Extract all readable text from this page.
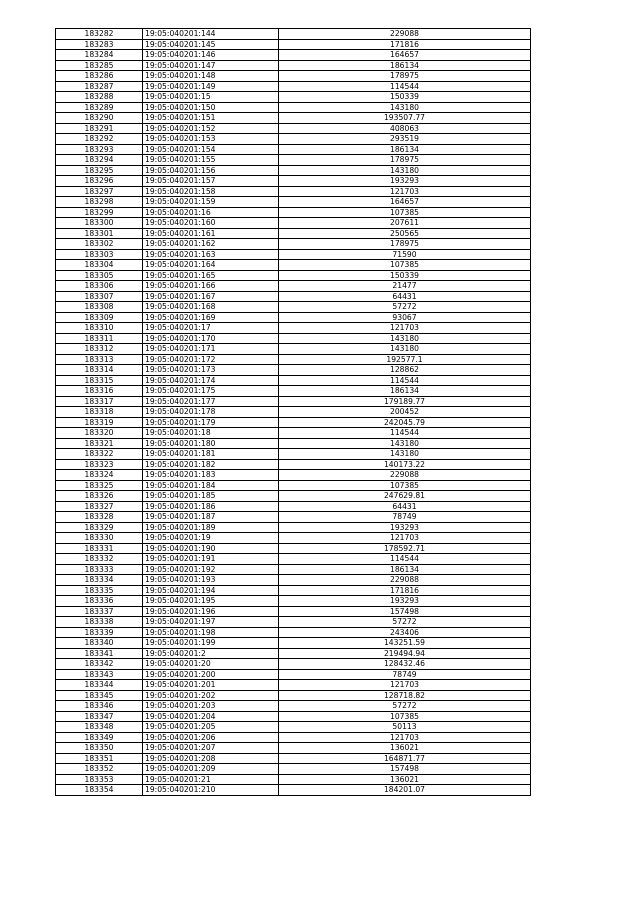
183282	19:05:040201:144	229088
183283	19:05:040201:145	171816
183284	19:05:040201:146	164657
183285	19:05:040201:147	186134
183286	19:05:040201:148	178975
183287	19:05:040201:149	114544
183288	19:05:040201:15	150339
183289	19:05:040201:150	143180
183290	19:05:040201:151	193507.77
183291	19:05:040201:152	408063
183292	19:05:040201:153	293519
183293	19:05:040201:154	186134
183294	19:05:040201:155	178975
183295	19:05:040201:156	143180
183296	19:05:040201:157	193293
183297	19:05:040201:158	121703
183298	19:05:040201:159	164657
183299	19:05:040201:16	107385
183300	19:05:040201:160	207611
183301	19:05:040201:161	250565
183302	19:05:040201:162	178975
183303	19:05:040201:163	71590
183304	19:05:040201:164	107385
183305	19:05:040201:165	150339
183306	19:05:040201:166	21477
183307	19:05:040201:167	64431
183308	19:05:040201:168	57272
183309	19:05:040201:169	93067
183310	19:05:040201:17	121703
183311	19:05:040201:170	143180
183312	19:05:040201:171	143180
183313	19:05:040201:172	192577.1
183314	19:05:040201:173	128862
183315	19:05:040201:174	114544
183316	19:05:040201:175	186134
183317	19:05:040201:177	179189.77
183318	19:05:040201:178	200452
183319	19:05:040201:179	242045.79
183320	19:05:040201:18	114544
183321	19:05:040201:180	143180
183322	19:05:040201:181	143180
183323	19:05:040201:182	140173.22
183324	19:05:040201:183	229088
183325	19:05:040201:184	107385
183326	19:05:040201:185	247629.81
183327	19:05:040201:186	64431
183328	19:05:040201:187	78749
183329	19:05:040201:189	193293
183330	19:05:040201:19	121703
183331	19:05:040201:190	178592.71
183332	19:05:040201:191	114544
183333	19:05:040201:192	186134
183334	19:05:040201:193	229088
183335	19:05:040201:194	171816
183336	19:05:040201:195	193293
183337	19:05:040201:196	157498
183338	19:05:040201:197	57272
183339	19:05:040201:198	243406
183340	19:05:040201:199	143251.59
183341	19:05:040201:2	219494.94
183342	19:05:040201:20	128432.46
183343	19:05:040201:200	78749
183344	19:05:040201:201	121703
183345	19:05:040201:202	128718.82
183346	19:05:040201:203	57272
183347	19:05:040201:204	107385
183348	19:05:040201:205	50113
183349	19:05:040201:206	121703
183350	19:05:040201:207	136021
183351	19:05:040201:208	164871.77
183352	19:05:040201:209	157498
183353	19:05:040201:21	136021
183354	19:05:040201:210	184201.07
